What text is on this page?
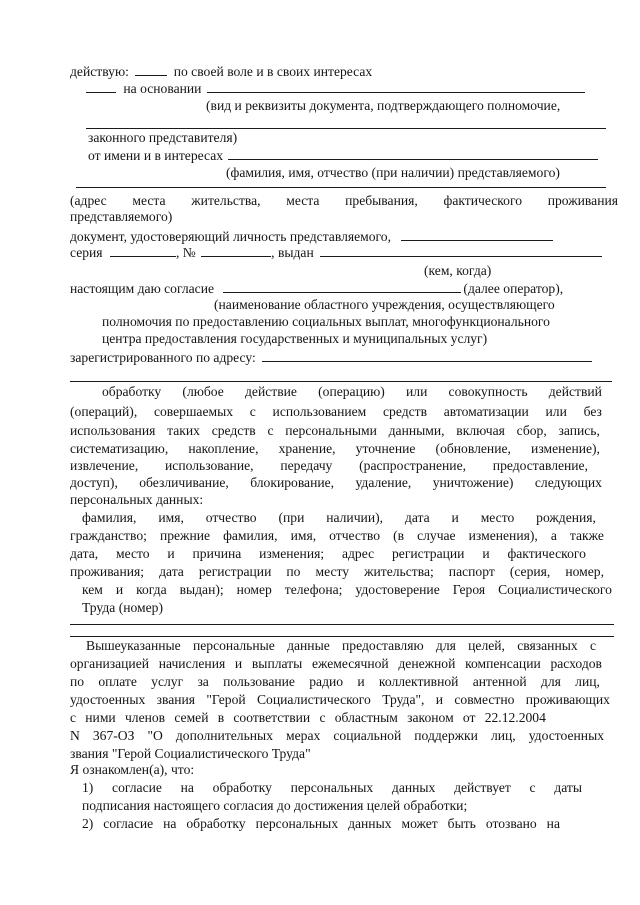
действую:	по своей воле и в своих интересах
на основании
(вид и реквизиты документа, подтверждающего полномочие,
законного представителя)
от имени и в интересах
(фамилия, имя, отчество (при наличии) представляемого)
(адрес места жительства, места пребывания, фактического проживания
представляемого)
документ, удостоверяющий личность представляемого,
серия	, №	, выдан
(кем, когда)
настоящим даю согласие	(далее оператор),
(наименование областного учреждения, осуществляющего
полномочия по предоставлению социальных выплат, многофункционального
центра предоставления государственных и муниципальных услуг)
зарегистрированного по адресу:
обработку (любое действие (операцию) или совокупность действий
(операций), совершаемых с использованием средств автоматизации или без
использования таких средств с персональными данными, включая сбор, запись,
систематизацию, накопление, хранение, уточнение (обновление, изменение),
извлечение, использование, передачу (распространение, предоставление,
доступ), обезличивание, блокирование, удаление, уничтожение) следующих
персональных данных:
фамилия, имя, отчество (при наличии), дата и место рождения,
гражданство; прежние фамилия, имя, отчество (в случае изменения), а также
дата, место и причина изменения; адрес регистрации и фактического
проживания; дата регистрации по месту жительства; паспорт (серия, номер,
кем и когда выдан); номер телефона; удостоверение Героя Социалистического
Труда (номер)
Вышеуказанные персональные данные предоставляю для целей, связанных с
организацией начисления и выплаты ежемесячной денежной компенсации расходов
по оплате услуг за пользование радио и коллективной антенной для лиц,
удостоенных звания "Герой Социалистического Труда", и совместно проживающих
с ними членов семей в соответствии с областным законом от 22.12.2004
N 367-ОЗ "О дополнительных мерах социальной поддержки лиц, удостоенных
звания "Герой Социалистического Труда"
Я ознакомлен(а), что:
1) согласие на обработку персональных данных действует с даты
подписания настоящего согласия до достижения целей обработки;
2) согласие на обработку персональных данных может быть отозвано на
